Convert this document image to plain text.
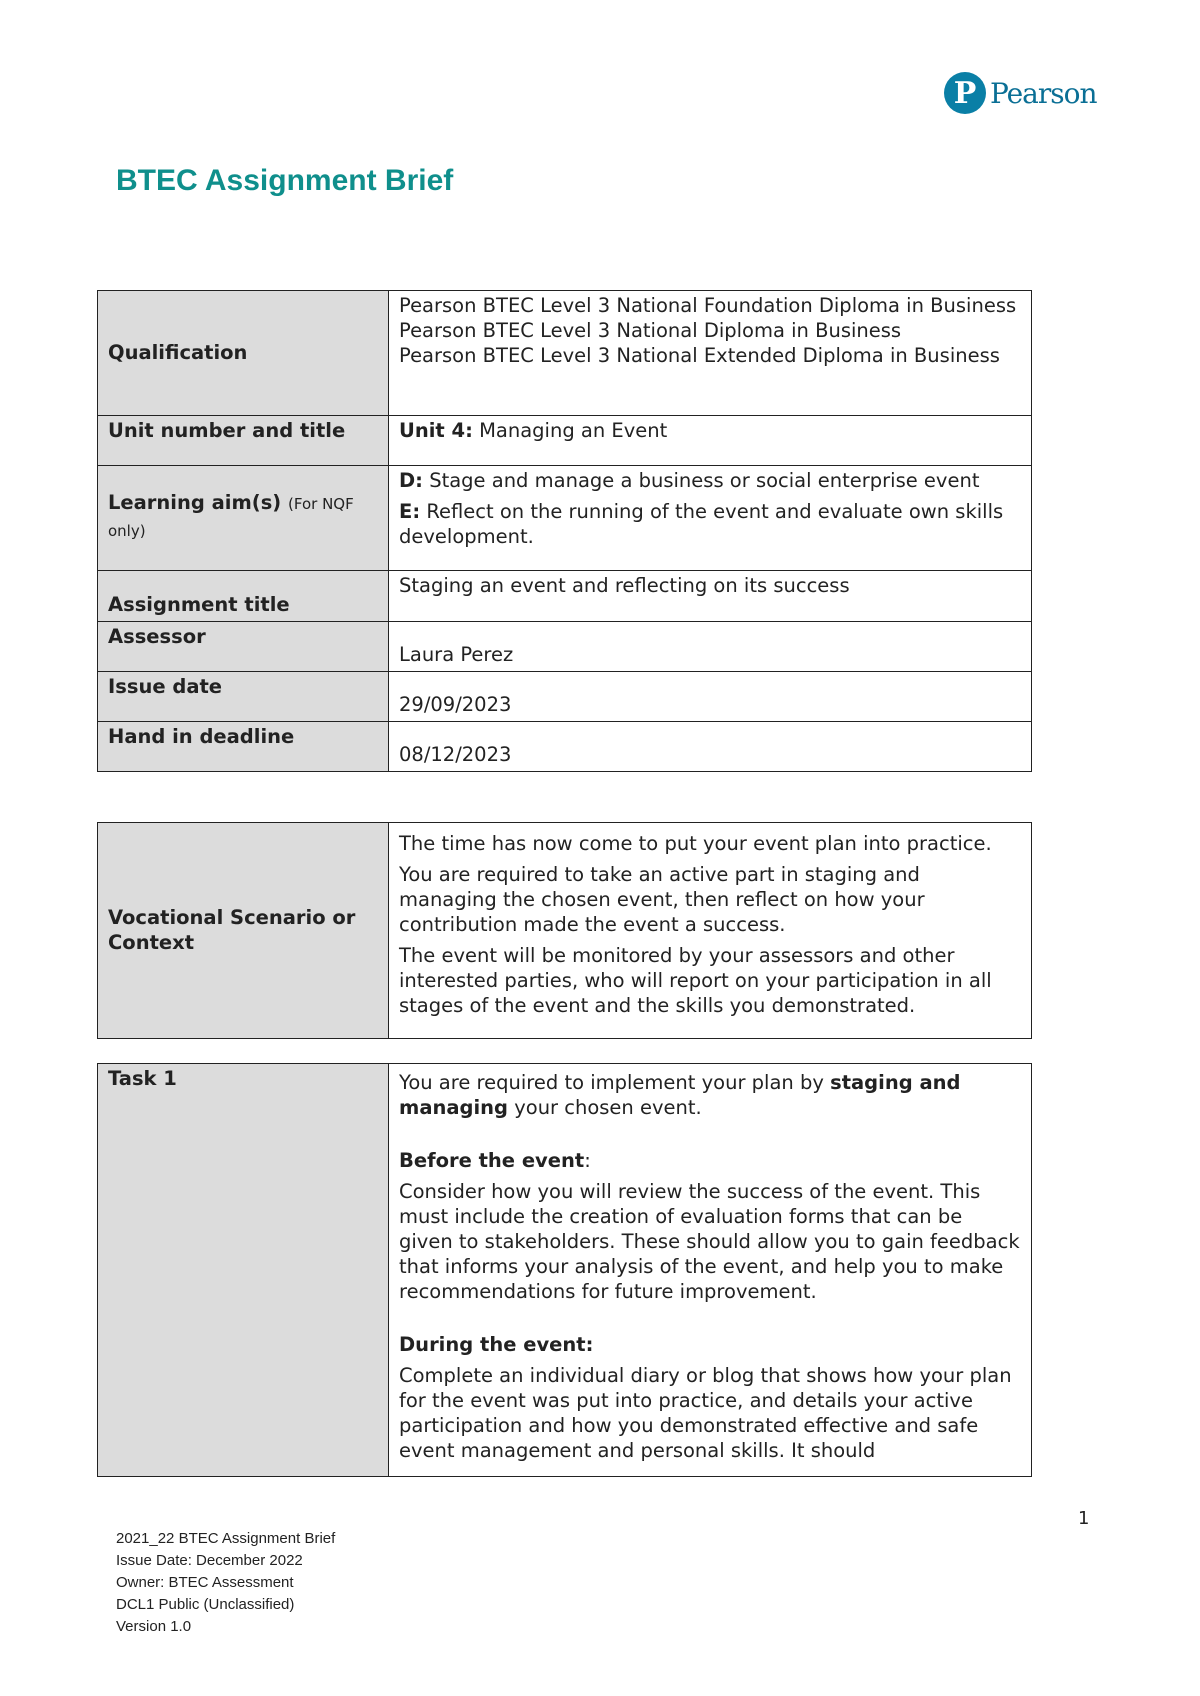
P Pearson
BTEC Assignment Brief
Qualification	Pearson BTEC Level 3 National Foundation Diploma in Business

Pearson BTEC Level 3 National Diploma in Business

Pearson BTEC Level 3 National Extended Diploma in Business

Unit number and title	Unit 4: Managing an Event
Learning aim(s) (For NQF only)	D: Stage and manage a business or social enterprise event

E: Reflect on the running of the event and evaluate own skills development.

Assignment title	Staging an event and reflecting on its success
Assessor	Laura Perez
Issue date	29/09/2023
Hand in deadline	08/12/2023
Vocational Scenario or Context	

The time has now come to put your event plan into practice.

You are required to take an active part in staging and managing the chosen event, then reflect on how your contribution made the event a success.

The event will be monitored by your assessors and other interested parties, who will report on your participation in all stages of the event and the skills you demonstrated.

Task 1	You are required to implement your plan by staging and managing your chosen event.

Before the event:

Consider how you will review the success of the event. This must include the creation of evaluation forms that can be given to stakeholders. These should allow you to gain feedback that informs your analysis of the event, and help you to make recommendations for future improvement.

During the event:

Complete an individual diary or blog that shows how your plan for the event was put into practice, and details your active participation and how you demonstrated effective and safe event management and personal skills. It should

1
2021_22 BTEC Assignment Brief
Issue Date: December 2022
Owner: BTEC Assessment
DCL1 Public (Unclassified)
Version 1.0
